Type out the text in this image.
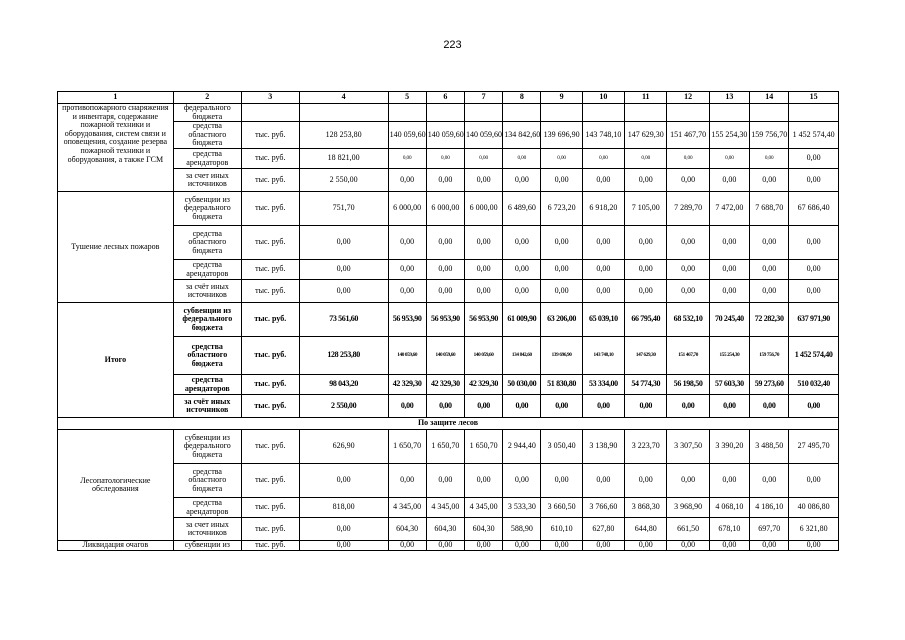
223
1	2	3	4	5	6	7	8	9	10	11	12	13	14	15
противопожарного снаряжения и инвентаря, содержание пожарной техники и оборудования, систем связи и оповещения, создание резерва пожарной техники и оборудования, а также ГСМ	федерального бюджета													
	средства областного бюджета	тыс. руб.	128 253,80	140 059,60	140 059,60	140 059,60	134 842,60	139 696,90	143 748,10	147 629,30	151 467,70	155 254,30	159 756,70	1 452 574,40
	средства арендаторов	тыс. руб.	18 821,00	0,00	0,00	0,00	0,00	0,00	0,00	0,00	0,00	0,00	0,00	0,00
	за счет иных источников	тыс. руб.	2 550,00	0,00	0,00	0,00	0,00	0,00	0,00	0,00	0,00	0,00	0,00	0,00
Тушение лесных пожаров	субвенции из федерального бюджета	тыс. руб.	751,70	6 000,00	6 000,00	6 000,00	6 489,60	6 723,20	6 918,20	7 105,00	7 289,70	7 472,00	7 688,70	67 686,40
	средства областного бюджета	тыс. руб.	0,00	0,00	0,00	0,00	0,00	0,00	0,00	0,00	0,00	0,00	0,00	0,00
	средства арендаторов	тыс. руб.	0,00	0,00	0,00	0,00	0,00	0,00	0,00	0,00	0,00	0,00	0,00	0,00
	за счёт иных источников	тыс. руб.	0,00	0,00	0,00	0,00	0,00	0,00	0,00	0,00	0,00	0,00	0,00	0,00
Итого	субвенции из федерального бюджета	тыс. руб.	73 561,60	56 953,90	56 953,90	56 953,90	61 009,90	63 206,00	65 039,10	66 795,40	68 532,10	70 245,40	72 282,30	637 971,90
	средства областного бюджета	тыс. руб.	128 253,80	140 059,60	140 059,60	140 059,60	134 842,60	139 696,90	143 748,10	147 629,30	151 467,70	155 254,30	159 756,70	1 452 574,40
	средства арендаторов	тыс. руб.	98 043,20	42 329,30	42 329,30	42 329,30	50 030,00	51 830,80	53 334,00	54 774,30	56 198,50	57 603,30	59 273,60	510 032,40
	за счёт иных источников	тыс. руб.	2 550,00	0,00	0,00	0,00	0,00	0,00	0,00	0,00	0,00	0,00	0,00	0,00
По защите лесов														
Лесопатологические обследования	субвенции из федерального бюджета	тыс. руб.	626,90	1 650,70	1 650,70	1 650,70	2 944,40	3 050,40	3 138,90	3 223,70	3 307,50	3 390,20	3 488,50	27 495,70
	средства областного бюджета	тыс. руб.	0,00	0,00	0,00	0,00	0,00	0,00	0,00	0,00	0,00	0,00	0,00	0,00
	средства арендаторов	тыс. руб.	818,00	4 345,00	4 345,00	4 345,00	3 533,30	3 660,50	3 766,60	3 868,30	3 968,90	4 068,10	4 186,10	40 086,80
	за счет иных источников	тыс. руб.	0,00	604,30	604,30	604,30	588,90	610,10	627,80	644,80	661,50	678,10	697,70	6 321,80
Ликвидация очагов	субвенции из	тыс. руб.	0,00	0,00	0,00	0,00	0,00	0,00	0,00	0,00	0,00	0,00	0,00	0,00
